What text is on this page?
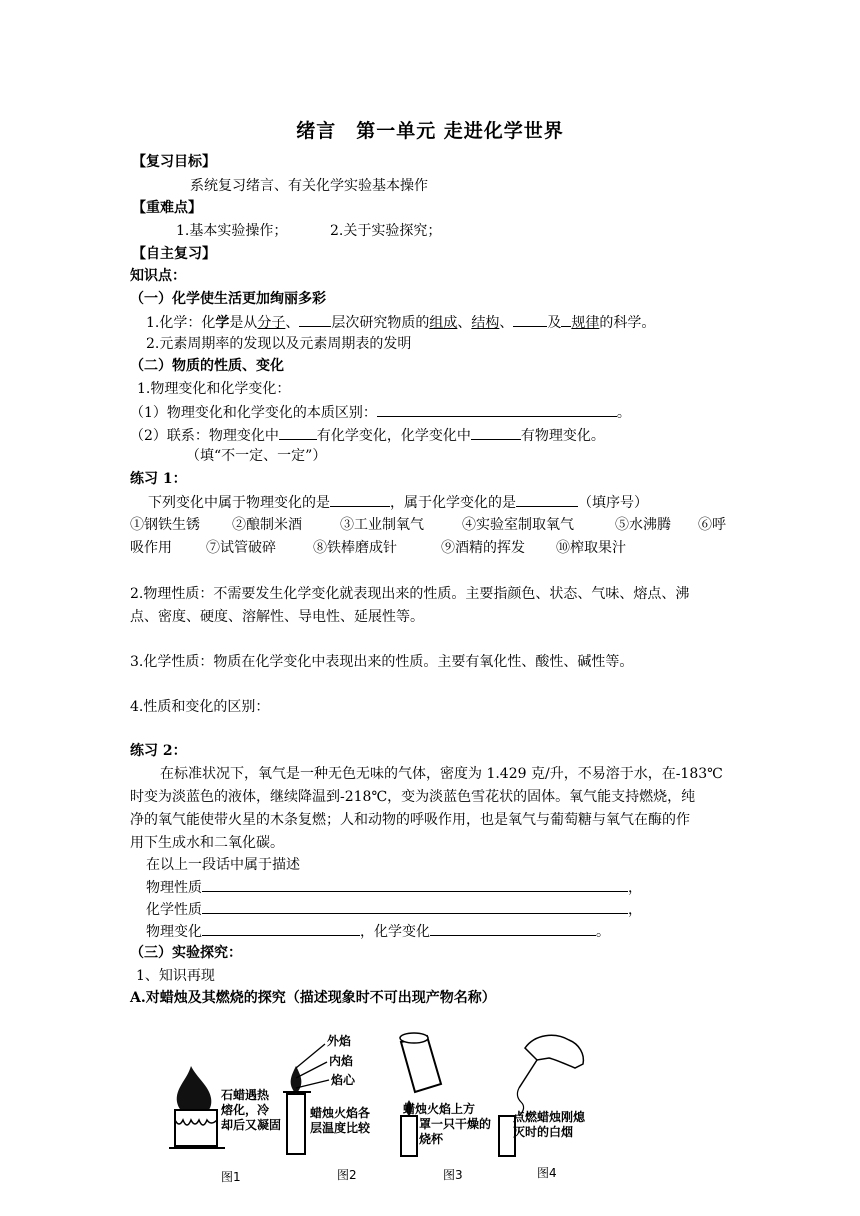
绪言　第一单元 走进化学世界
【复习目标】
系统复习绪言、有关化学实验基本操作
【重难点】
1.基本实验操作；	2.关于实验探究；
【自主复习】
知识点：
（一）化学使生活更加绚丽多彩
1.化学：化学是从分子、 层次研究物质的组成、结构、 及 规律的科学。
2.元素周期率的发现以及元素周期表的发明
（二）物质的性质、变化
1.物理变化和化学变化：
（1）物理变化和化学变化的本质区别：	。
（2）联系：物理变化中	有化学变化，化学变化中	有物理变化。
（填“不一定、一定”）
练习 1：
下列变化中属于物理变化的是	，属于化学变化的是	（填序号）
①钢铁生锈 ②酿制米酒	③工业制氧气	④实验室制取氧气	⑤水沸腾 ⑥呼
吸作用 ⑦试管破碎	⑧铁棒磨成针	⑨酒精的挥发 ⑩榨取果汁
2.物理性质：不需要发生化学变化就表现出来的性质。主要指颜色、状态、气味、熔点、沸
点、密度、硬度、溶解性、导电性、延展性等。
3.化学性质：物质在化学变化中表现出来的性质。主要有氧化性、酸性、碱性等。
4.性质和变化的区别：
练习 2：
在标准状况下，氧气是一种无色无味的气体，密度为 1.429 克/升，不易溶于水，在-183℃
时变为淡蓝色的液体，继续降温到-218℃，变为淡蓝色雪花状的固体。氧气能支持燃烧，纯
净的氧气能使带火星的木条复燃；人和动物的呼吸作用，也是氧气与葡萄糖与氧气在酶的作
用下生成水和二氧化碳。
在以上一段话中属于描述
物理性质	，
化学性质	，
物理变化	，化学变化	。
（三）实验探究：
1、知识再现
A.对蜡烛及其燃烧的探究（描述现象时不可出现产物名称）
石蜡遇热
熔化，冷
却后又凝固
外焰
内焰
焰心
蜡烛火焰各
层温度比较
蜡烛火焰上方
罩一只干燥的
烧杯
点燃蜡烛刚熄
灭时的白烟
图1	图2	图3	图4
